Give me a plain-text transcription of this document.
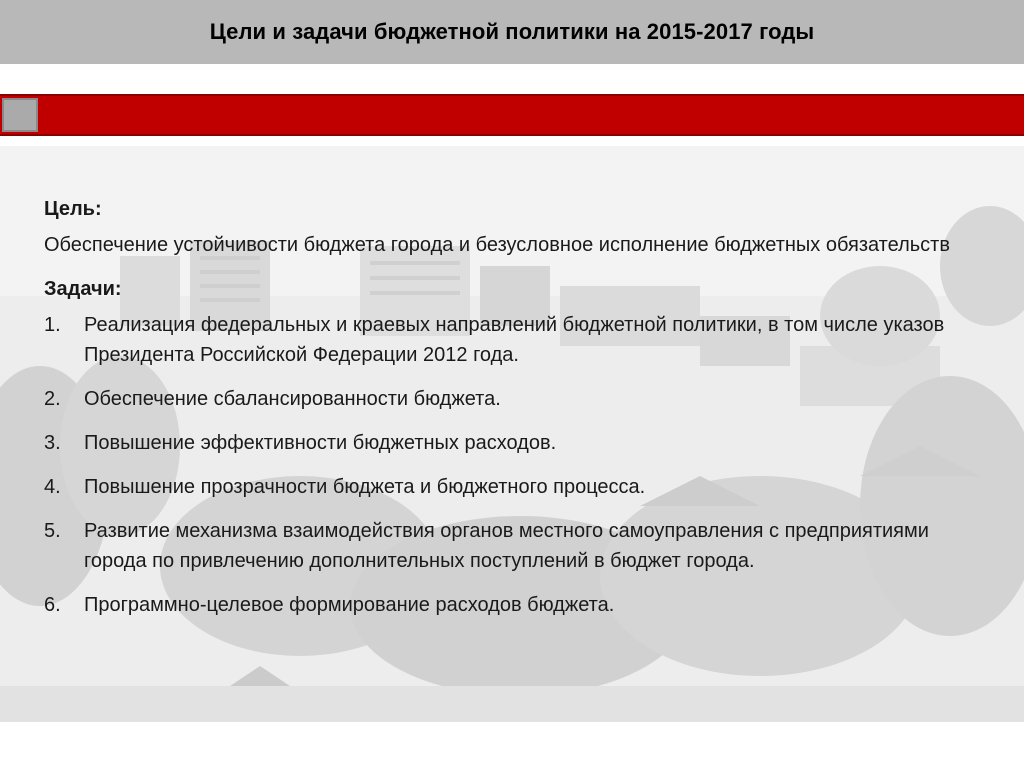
Цели и задачи бюджетной политики на 2015-2017 годы
Цель:

Обеспечение устойчивости бюджета города и безусловное исполнение бюджетных обязательств

Задачи:
1.	Реализация федеральных и краевых направлений бюджетной политики, в том числе указов Президента Российской Федерации 2012 года.
2.	Обеспечение сбалансированности бюджета.
3.	Повышение эффективности бюджетных расходов.
4.	Повышение прозрачности бюджета и бюджетного процесса.
5.	Развитие механизма взаимодействия органов местного самоуправления с предприятиями города по привлечению дополнительных поступлений в бюджет города.
6.	Программно-целевое формирование расходов бюджета.
